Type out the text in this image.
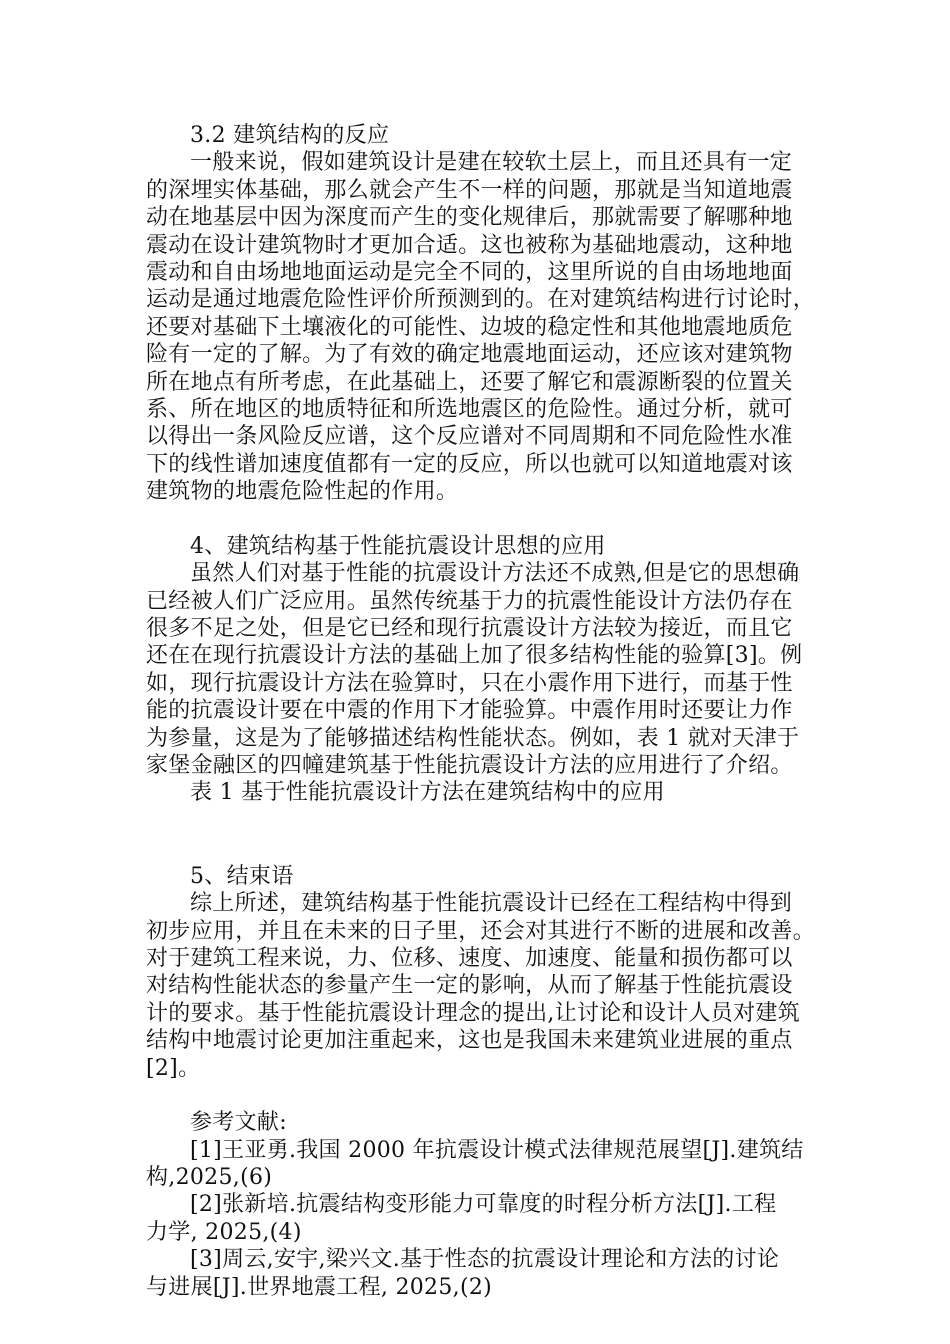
3.2 建筑结构的反应
一般来说，假如建筑设计是建在较软土层上，而且还具有一定
的深埋实体基础，那么就会产生不一样的问题，那就是当知道地震
动在地基层中因为深度而产生的变化规律后，那就需要了解哪种地
震动在设计建筑物时才更加合适。这也被称为基础地震动，这种地
震动和自由场地地面运动是完全不同的，这里所说的自由场地地面
运动是通过地震危险性评价所预测到的。在对建筑结构进行讨论时，
还要对基础下土壤液化的可能性、边坡的稳定性和其他地震地质危
险有一定的了解。为了有效的确定地震地面运动，还应该对建筑物
所在地点有所考虑，在此基础上，还要了解它和震源断裂的位置关
系、所在地区的地质特征和所选地震区的危险性。通过分析，就可
以得出一条风险反应谱，这个反应谱对不同周期和不同危险性水准
下的线性谱加速度值都有一定的反应，所以也就可以知道地震对该
建筑物的地震危险性起的作用。
4、建筑结构基于性能抗震设计思想的应用
虽然人们对基于性能的抗震设计方法还不成熟,但是它的思想确
已经被人们广泛应用。虽然传统基于力的抗震性能设计方法仍存在
很多不足之处，但是它已经和现行抗震设计方法较为接近，而且它
还在在现行抗震设计方法的基础上加了很多结构性能的验算[3]。例
如，现行抗震设计方法在验算时，只在小震作用下进行，而基于性
能的抗震设计要在中震的作用下才能验算。中震作用时还要让力作
为参量，这是为了能够描述结构性能状态。例如，表 1 就对天津于
家堡金融区的四幢建筑基于性能抗震设计方法的应用进行了介绍。
表 1 基于性能抗震设计方法在建筑结构中的应用
5、结束语
综上所述，建筑结构基于性能抗震设计已经在工程结构中得到
初步应用，并且在未来的日子里，还会对其进行不断的进展和改善。
对于建筑工程来说，力、位移、速度、加速度、能量和损伤都可以
对结构性能状态的参量产生一定的影响，从而了解基于性能抗震设
计的要求。基于性能抗震设计理念的提出,让讨论和设计人员对建筑
结构中地震讨论更加注重起来，这也是我国未来建筑业进展的重点
[2]。
参考文献:
[1]王亚勇.我国 2000 年抗震设计模式法律规范展望[J].建筑结
构,2025,(6)
[2]张新培.抗震结构变形能力可靠度的时程分析方法[J].工程
力学, 2025,(4)
[3]周云,安宇,梁兴文.基于性态的抗震设计理论和方法的讨论
与进展[J].世界地震工程, 2025,(2)
